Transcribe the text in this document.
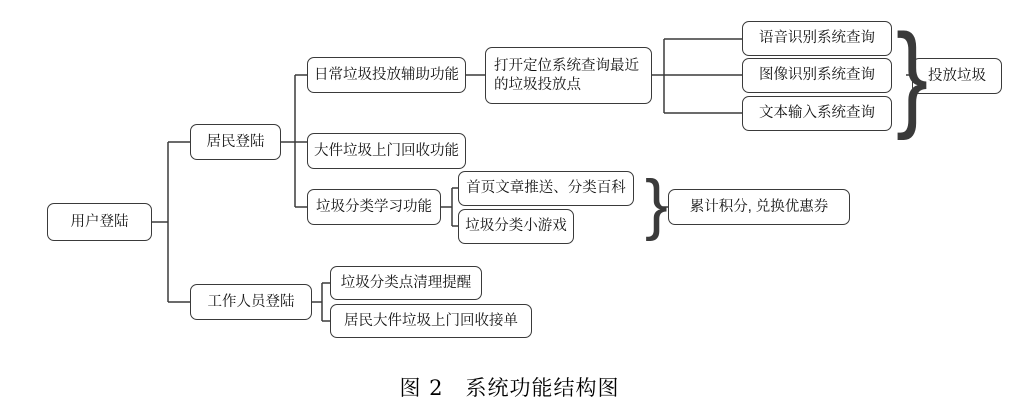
用户登陆
居民登陆
工作人员登陆
日常垃圾投放辅助功能
大件垃圾上门回收功能
垃圾分类学习功能
打开定位系统查询最近的垃圾投放点
语音识别系统查询
图像识别系统查询
文本输入系统查询
投放垃圾
首页文章推送、分类百科
垃圾分类小游戏
累计积分, 兑换优惠券
垃圾分类点清理提醒
居民大件垃圾上门回收接单
}
}
图 2　系统功能结构图
